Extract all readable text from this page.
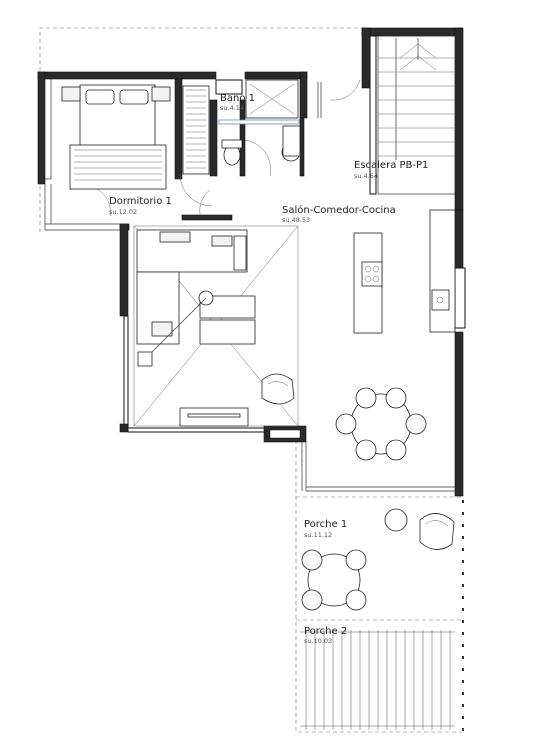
Dormitorio 1
su.12.02
Baño 1
su.4.14
Escalera PB-P1
su.4.64
Salón-Comedor-Cocina
su.48.53
Porche 1
su.11.12
Porche 2
su.10.03
